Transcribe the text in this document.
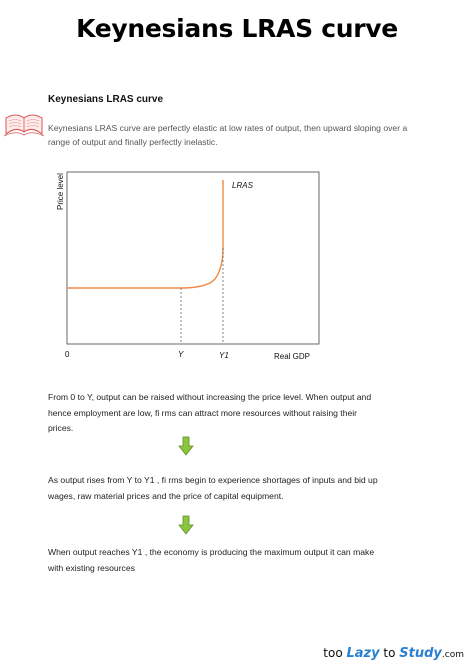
Keynesians LRAS curve
Keynesians LRAS curve
Keynesians LRAS curve are perfectly elastic at low rates of output, then upward sloping over a range of output and finally perfectly inelastic.
Price level	LRAS
0	Y	Y1	Real GDP
From 0 to Y, output can be raised without increasing the price level. When output and hence employment are low, fi rms can attract more resources without raising their prices.
As output rises from Y to Y1 , fi rms begin to experience shortages of inputs and bid up wages, raw material prices and the price of capital equipment.
When output reaches Y1 , the economy is producing the maximum output it can make with existing resources
too Lazy to Study.com
